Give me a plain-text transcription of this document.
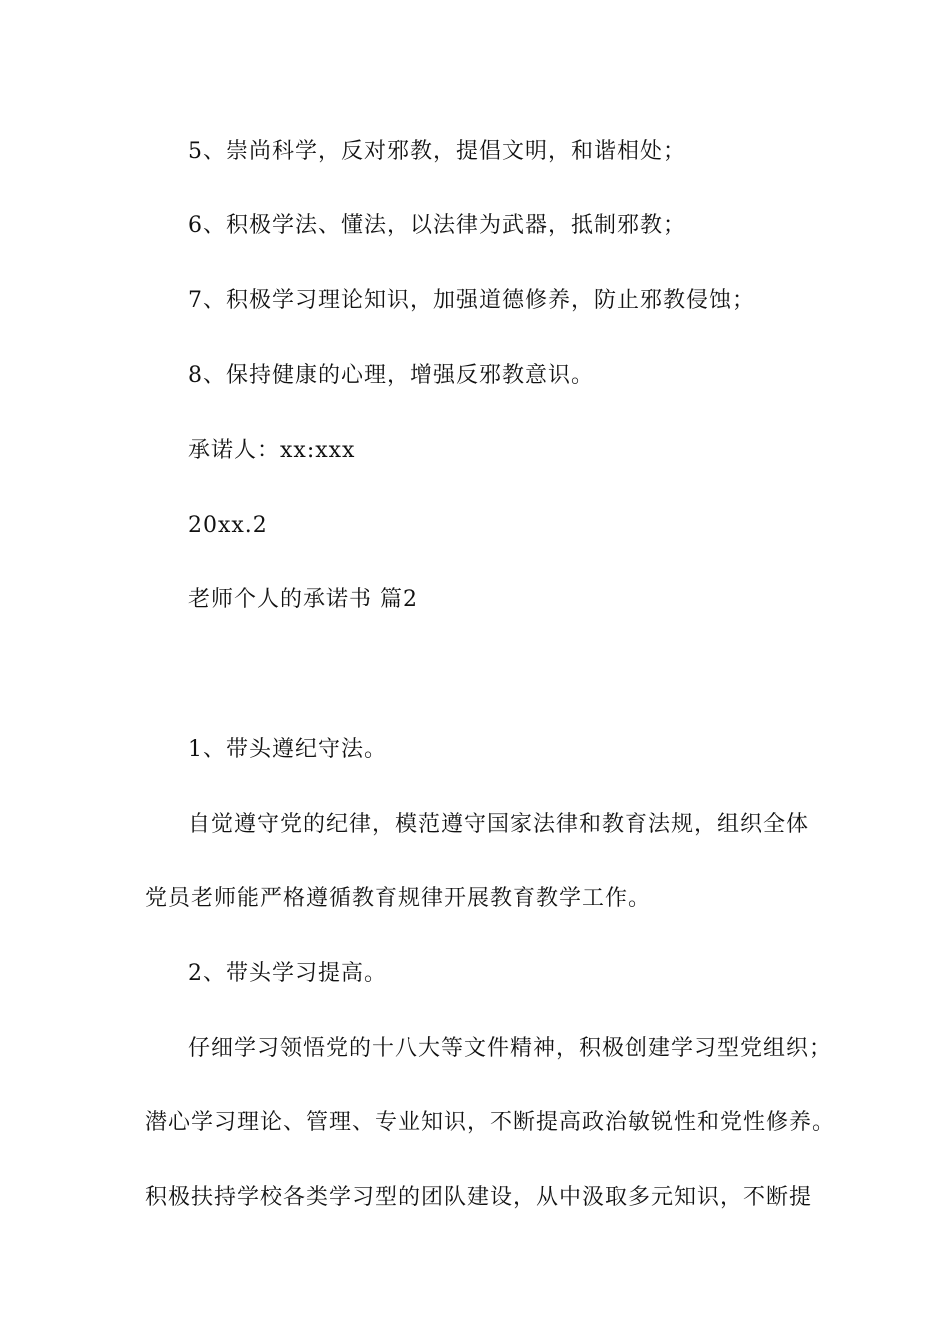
5、崇尚科学，反对邪教，提倡文明，和谐相处；
6、积极学法、懂法，以法律为武器，抵制邪教；
7、积极学习理论知识，加强道德修养，防止邪教侵蚀；
8、保持健康的心理，增强反邪教意识。
承诺人：xx:xxx
20xx.2
老师个人的承诺书 篇2
1、带头遵纪守法。
自觉遵守党的纪律，模范遵守国家法律和教育法规，组织全体
党员老师能严格遵循教育规律开展教育教学工作。
2、带头学习提高。
仔细学习领悟党的十八大等文件精神，积极创建学习型党组织；
潜心学习理论、管理、专业知识，不断提高政治敏锐性和党性修养。
积极扶持学校各类学习型的团队建设，从中汲取多元知识，不断提
